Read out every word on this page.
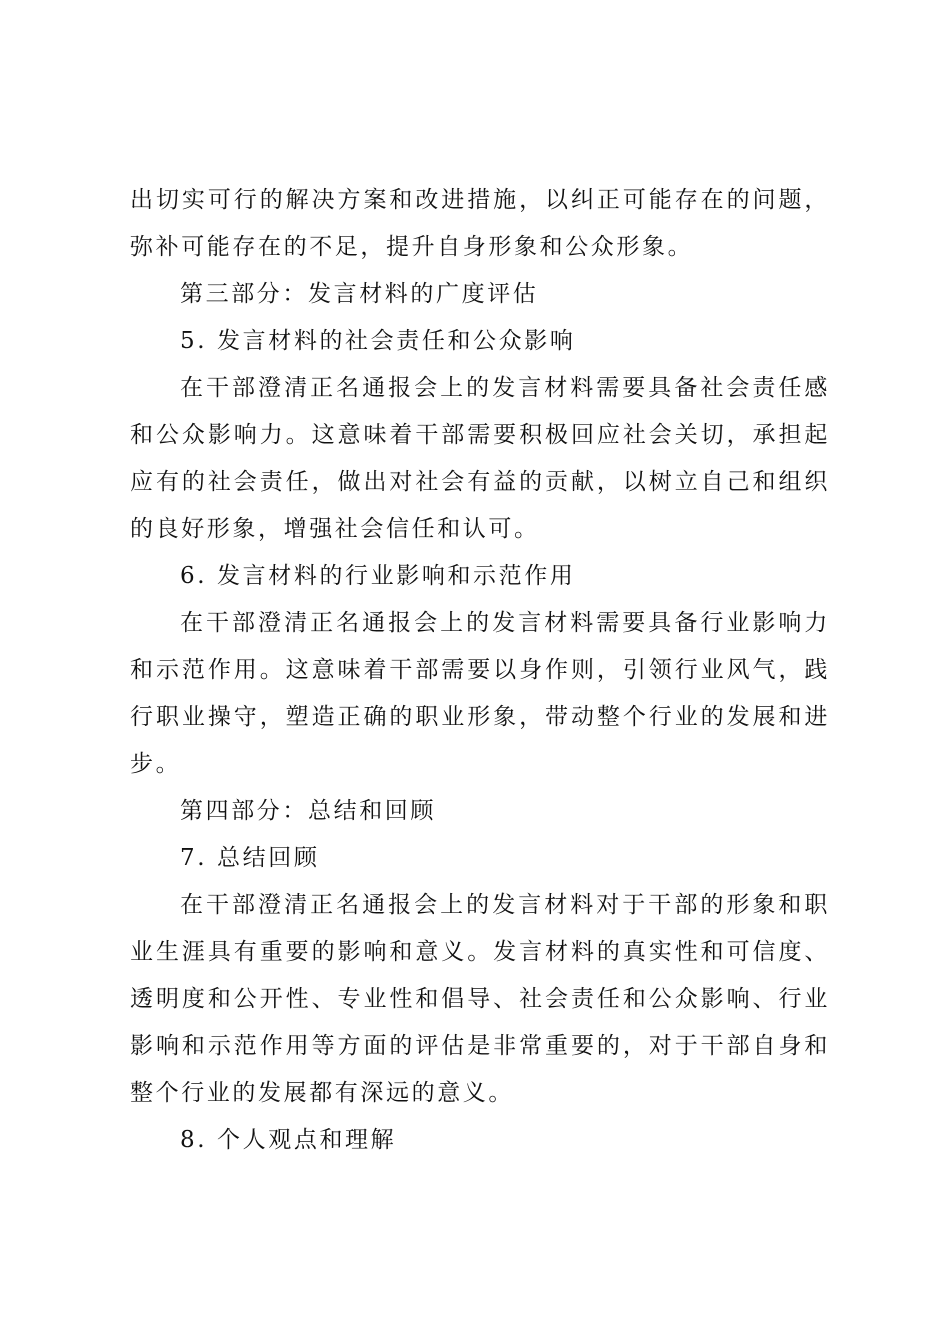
出切实可行的解决方案和改进措施，以纠正可能存在的问题，弥补可能存在的不足，提升自身形象和公众形象。

第三部分：发言材料的广度评估

5. 发言材料的社会责任和公众影响

在干部澄清正名通报会上的发言材料需要具备社会责任感和公众影响力。这意味着干部需要积极回应社会关切，承担起应有的社会责任，做出对社会有益的贡献，以树立自己和组织的良好形象，增强社会信任和认可。

6. 发言材料的行业影响和示范作用

在干部澄清正名通报会上的发言材料需要具备行业影响力和示范作用。这意味着干部需要以身作则，引领行业风气，践行职业操守，塑造正确的职业形象，带动整个行业的发展和进步。

第四部分：总结和回顾

7. 总结回顾

在干部澄清正名通报会上的发言材料对于干部的形象和职业生涯具有重要的影响和意义。发言材料的真实性和可信度、透明度和公开性、专业性和倡导、社会责任和公众影响、行业影响和示范作用等方面的评估是非常重要的，对于干部自身和整个行业的发展都有深远的意义。

8. 个人观点和理解
